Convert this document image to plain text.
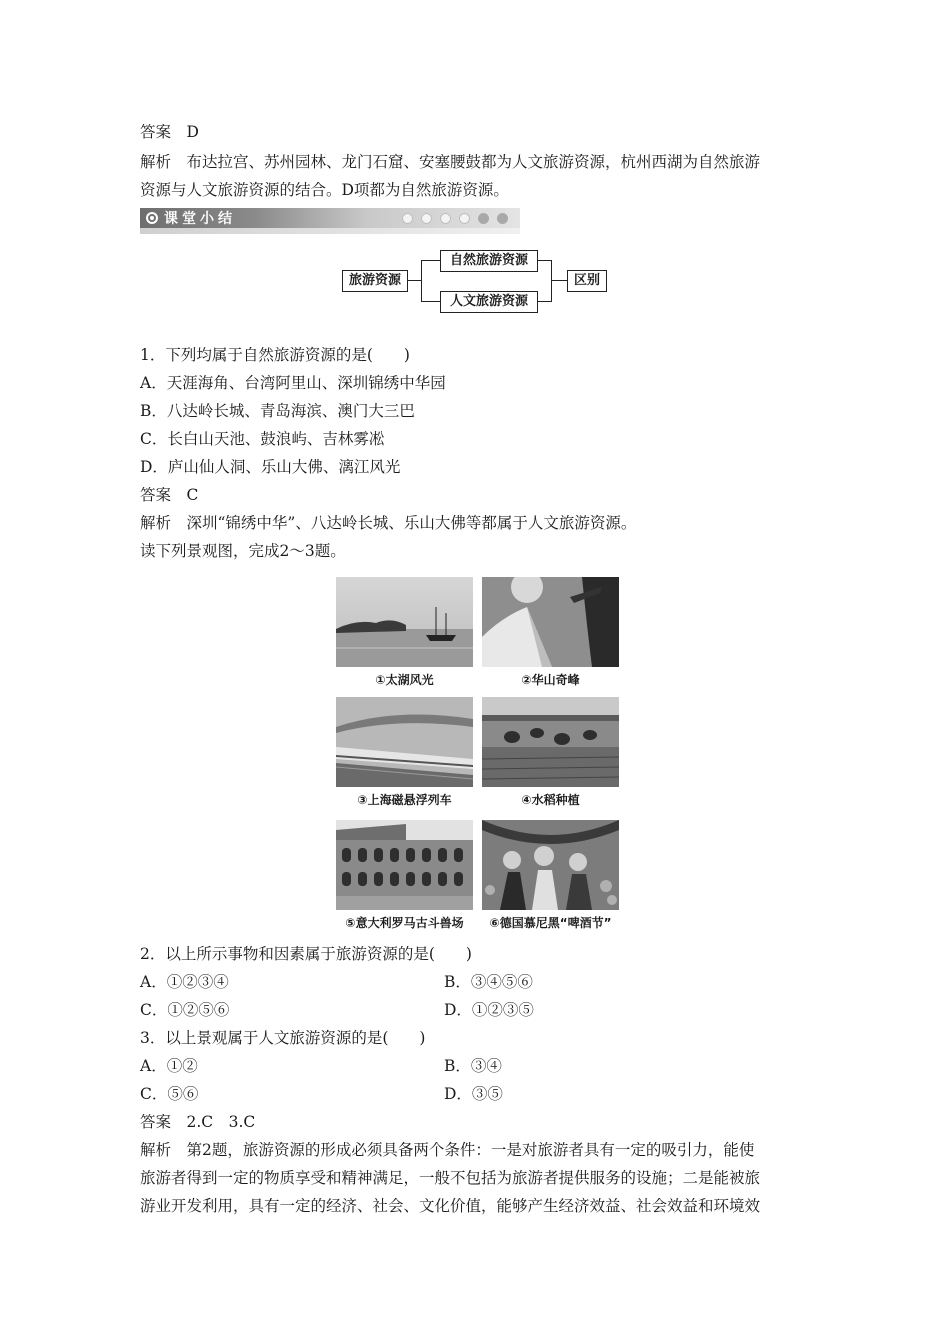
答案　D
解析　布达拉宫、苏州园林、龙门石窟、安塞腰鼓都为人文旅游资源，杭州西湖为自然旅游
资源与人文旅游资源的结合。D项都为自然旅游资源。
课堂小结
旅游资源
自然旅游资源
人文旅游资源
区别
1．下列均属于自然旅游资源的是(　　)
A．天涯海角、台湾阿里山、深圳锦绣中华园
B．八达岭长城、青岛海滨、澳门大三巴
C．长白山天池、鼓浪屿、吉林雾凇
D．庐山仙人洞、乐山大佛、漓江风光
答案　C
解析　深圳“锦绣中华”、八达岭长城、乐山大佛等都属于人文旅游资源。
读下列景观图，完成2～3题。
①太湖风光	②华山奇峰
③上海磁悬浮列车	④水稻种植
⑤意大利罗马古斗兽场	⑥德国慕尼黑“啤酒节”
2．以上所示事物和因素属于旅游资源的是(　　)
A．①②③④	B．③④⑤⑥
C．①②⑤⑥	D．①②③⑤
3．以上景观属于人文旅游资源的是(　　)
A．①②	B．③④
C．⑤⑥	D．③⑤
答案　2.C　3.C
解析　第2题，旅游资源的形成必须具备两个条件：一是对旅游者具有一定的吸引力，能使
旅游者得到一定的物质享受和精神满足，一般不包括为旅游者提供服务的设施；二是能被旅
游业开发利用，具有一定的经济、社会、文化价值，能够产生经济效益、社会效益和环境效
